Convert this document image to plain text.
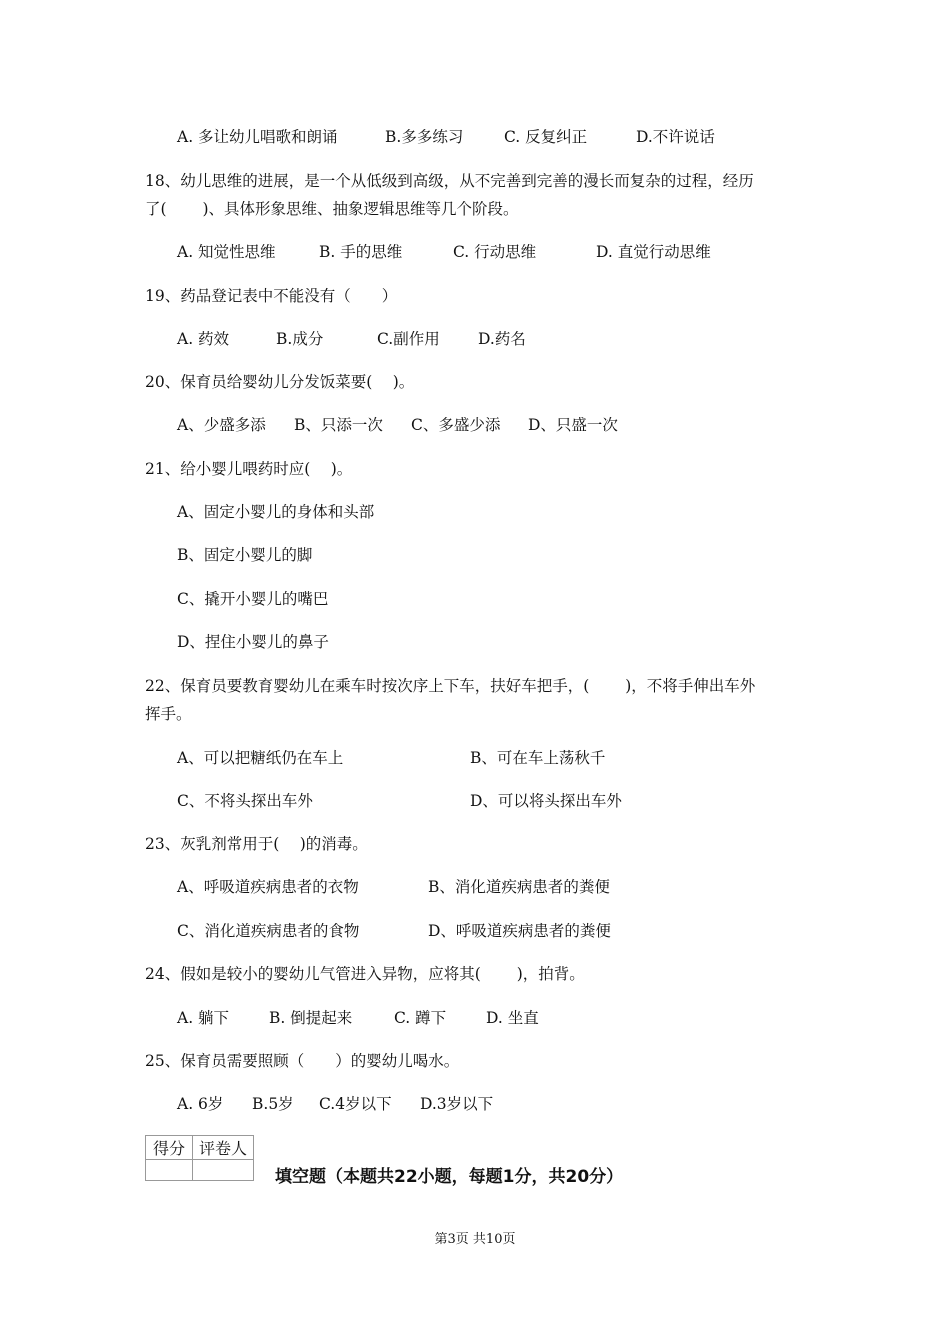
A. 多让幼儿唱歌和朗诵	B.多多练习	C. 反复纠正	D.不许说话
18、幼儿思维的进展，是一个从低级到高级，从不完善到完善的漫长而复杂的过程，经历
了(　　 )、具体形象思维、抽象逻辑思维等几个阶段。
A. 知觉性思维	B. 手的思维	C. 行动思维	D. 直觉行动思维
19、药品登记表中不能没有（　　）
A. 药效	B.成分	C.副作用 D.药名
20、保育员给婴幼儿分发饭菜要(　 )。
A、少盛多添 B、只添一次 C、多盛少添 D、只盛一次
21、给小婴儿喂药时应(　 )。
A、固定小婴儿的身体和头部
B、固定小婴儿的脚
C、撬开小婴儿的嘴巴
D、捏住小婴儿的鼻子
22、保育员要教育婴幼儿在乘车时按次序上下车，扶好车把手，(　　 )，不将手伸出车外
挥手。
A、可以把糖纸仍在车上	B、可在车上荡秋千
C、不将头探出车外	D、可以将头探出车外
23、灰乳剂常用于(　 )的消毒。
A、呼吸道疾病患者的衣物	B、消化道疾病患者的粪便
C、消化道疾病患者的食物	D、呼吸道疾病患者的粪便
24、假如是较小的婴幼儿气管进入异物，应将其(　　 )，拍背。
A. 躺下	B. 倒提起来	C. 蹲下	D. 坐直
25、保育员需要照顾（　　）的婴幼儿喝水。
A. 6岁 B.5岁 C.4岁以下 D.3岁以下
得分	评卷人

填空题（本题共22小题，每题1分，共20分）
第3页 共10页
